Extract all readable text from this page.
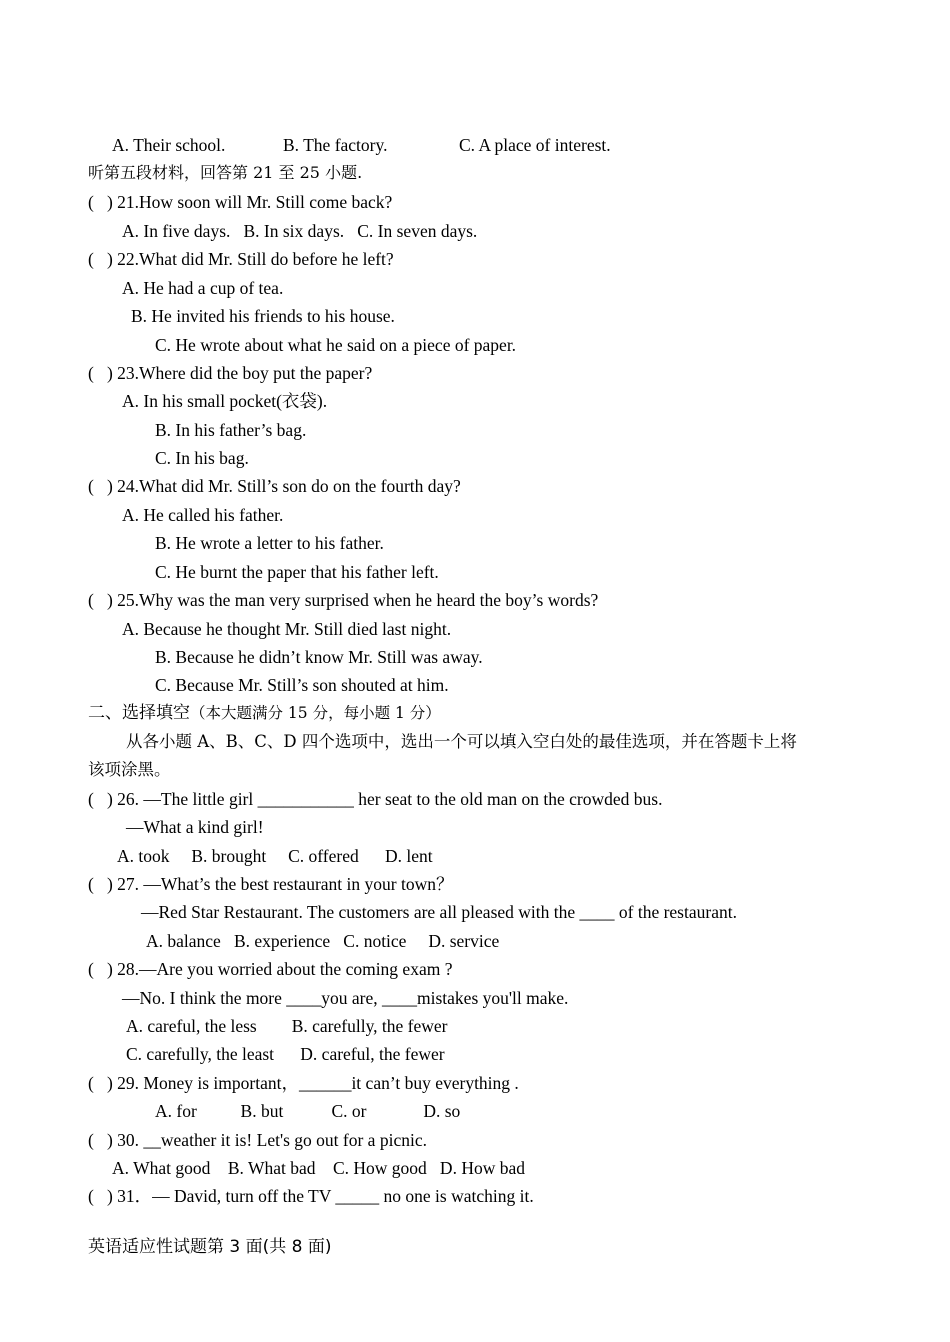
A. Their school.	B. The factory.	C. A place of interest.
听第五段材料，回答第 21 至 25 小题.
(   ) 21.How soon will Mr. Still come back?
A. In five days.   B. In six days.   C. In seven days.
(   ) 22.What did Mr. Still do before he left?
A. He had a cup of tea.
B. He invited his friends to his house.
C. He wrote about what he said on a piece of paper.
(   ) 23.Where did the boy put the paper?
A. In his small pocket(衣袋).
B. In his father’s bag.
C. In his bag.
(   ) 24.What did Mr. Still’s son do on the fourth day?
A. He called his father.
B. He wrote a letter to his father.
C. He burnt the paper that his father left.
(   ) 25.Why was the man very surprised when he heard the boy’s words?
A. Because he thought Mr. Still died last night.
B. Because he didn’t know Mr. Still was away.
C. Because Mr. Still’s son shouted at him.
二、选择填空（本大题满分 15 分，每小题 1 分）
从各小题 A、B、C、D 四个选项中，选出一个可以填入空白处的最佳选项，并在答题卡上将
该项涂黑。
(   ) 26. —The little girl ___________ her seat to the old man on the crowded bus.
—What a kind girl!
A. took     B. brought     C. offered      D. lent
(   ) 27. —What’s the best restaurant in your town？
—Red Star Restaurant. The customers are all pleased with the ____ of the restaurant.
A. balance   B. experience   C. notice     D. service
(   ) 28.—Are you worried about the coming exam ?
—No. I think the more ____you are, ____mistakes you'll make.
A. careful, the less        B. carefully, the fewer
C. carefully, the least      D. careful, the fewer
(   ) 29. Money is important，______it can’t buy everything .
A. for          B. but           C. or             D. so
(   ) 30. __weather it is! Let's go out for a picnic.
A. What good    B. What bad    C. How good   D. How bad
(   ) 31．— David, turn off the TV _____ no one is watching it.
英语适应性试题第 3 面(共 8 面)
